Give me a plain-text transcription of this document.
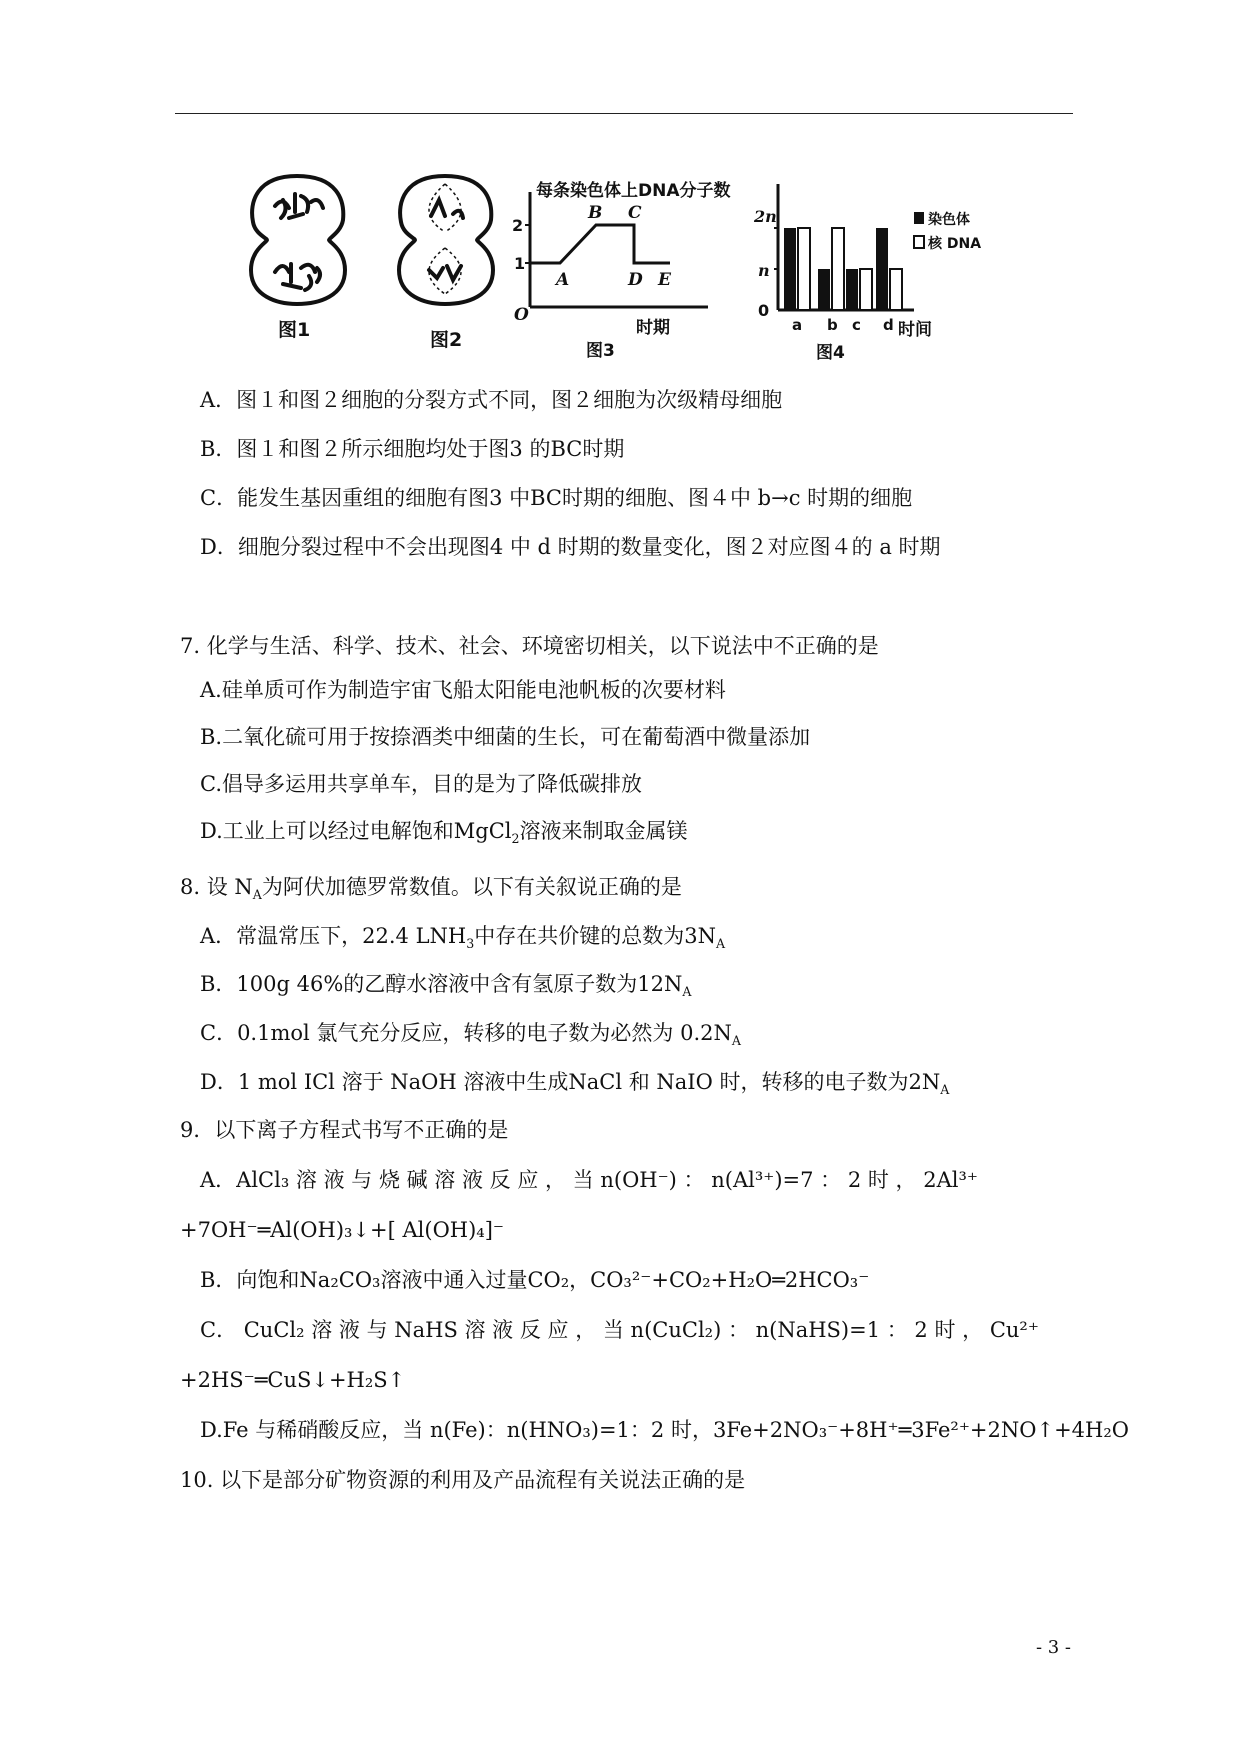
图1	图2
每条染色体上DNA分子数
2
1
O
A
B C
D E
时期
图3
2n
n
0
a b c d 时间
染色体
核 DNA
图4
A．图１和图２细胞的分裂方式不同，图２细胞为次级精母细胞
B．图１和图２所示细胞均处于图3 的BC时期
C．能发生基因重组的细胞有图3 中BC时期的细胞、图４中 b→c 时期的细胞
D．细胞分裂过程中不会出现图4 中 d 时期的数量变化，图２对应图４的 a 时期
7. 化学与生活、科学、技术、社会、环境密切相关，以下说法中不正确的是
A.硅单质可作为制造宇宙飞船太阳能电池帆板的次要材料
B.二氧化硫可用于按捺酒类中细菌的生长，可在葡萄酒中微量添加
C.倡导多运用共享单车，目的是为了降低碳排放
D.工业上可以经过电解饱和MgCl$_2$溶液来制取金属镁
8. 设 $N_A$为阿伏加德罗常数值。以下有关叙说正确的是
A．常温常压下，22.4 $LNH_3$中存在共价键的总数为$3N_A$
B．100g 46%的乙醇水溶液中含有氢原子数为$12N_A$
C．0.1mol 氯气充分反应，转移的电子数为必然为 $0.2N_A$
D．1 mol ICl 溶于 NaOH 溶液中生成NaCl 和 NaIO 时，转移的电子数为$2N_A$
9．以下离子方程式书写不正确的是
A．AlCl₃ 溶 液 与 烧 碱 溶 液 反 应 ， 当 n(OH⁻) ： n(Al³⁺)=7 ： 2 时 ， 2Al³⁺
+7OH⁻═Al(OH)₃↓+[ Al(OH)₄]⁻
B．向饱和Na₂CO₃溶液中通入过量CO₂，CO₃²⁻+CO₂+H₂O═2HCO₃⁻
C． CuCl₂ 溶 液 与 NaHS 溶 液 反 应 ， 当 n(CuCl₂) ： n(NaHS)=1 ： 2 时 ， Cu²⁺
+2HS⁻═CuS↓+H₂S↑
D.Fe 与稀硝酸反应，当 n(Fe)：n(HNO₃)=1：2 时，3Fe+2NO₃⁻+8H⁺═3Fe²⁺+2NO↑+4H₂O
10. 以下是部分矿物资源的利用及产品流程有关说法正确的是
- 3 -
